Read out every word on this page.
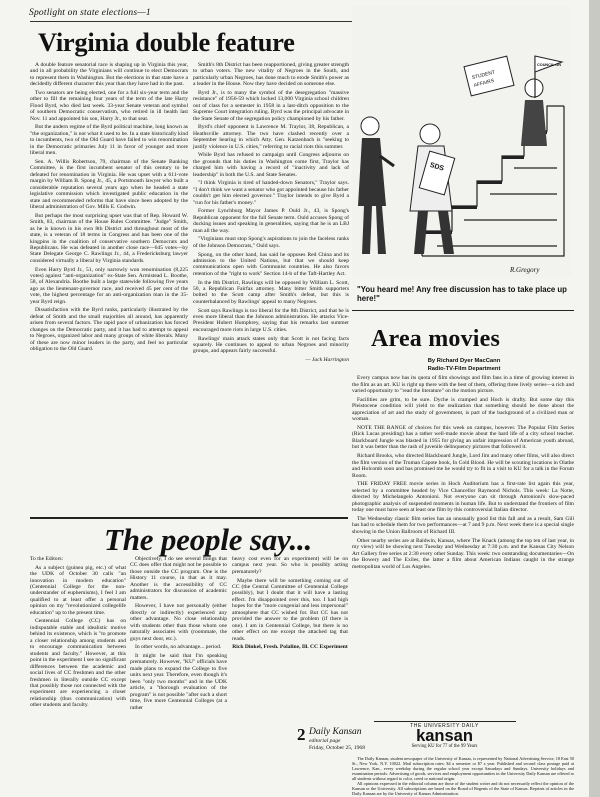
Spotlight on state elections—1
Virginia double feature

A double feature senatorial race is shaping up in Virginia this year, and in all probability the Virginians will continue to elect Democrats to represent them in Washington. But the elections in that state have a decidedly different character this year than they have had in the past.

Two senators are being elected, one for a full six-year term and the other to fill the remaining four years of the term of the late Harry Flood Byrd, who died last week. 33-year Senate veteran and symbol of southern Democratic conservatism, who retired in ill health last Nov. 11 and appointed his son, Harry Jr., to that seat.

But the andern regime of the Byrd political machine, long known as "the organization," is not what it used to be. In a state historically kind to incumbents, two of the Old Guard have failed to win renomination in the Democratic primaries July 11 in favor of younger and more liberal men.

Sen. A. Willis Robertson, 79, chairman of the Senate Banking Committee, is the first incumbent senator of this century to be defeated for renomination in Virginia. He was upset with a 611-vote margin by William B. Spong Jr., 45, a Portsmouth lawyer who built a considerable reputation several years ago when he headed a state legislative commission which investigated public education in the state and recommended reforms that have since been adopted by the liberal administration of Gov. Mills E. Godwin.

But perhaps the most surprising upset was that of Rep. Howard W. Smith, 83, chairman of the House Rules Committee. "Judge" Smith, as he is known in his own 8th District and throughout most of the state, is a veteran of 18 terms in Congress and has been one of the kingpins in the coalition of conservative southern Democrats and Republicans. He was defeated in another close race—645 votes—by State Delegate George C. Rawlings Jr., 44, a Fredericksburg lawyer considered virtually a liberal by Virginia standards.

Even Harry Byrd Jr., 51, only narrowly won renomination (8,225 votes) against "anti-organization" ex-State Sen. Armistead L. Boothe, 58, of Alexandria. Boothe built a large statewide following five years ago as the lieutenant-governor race, and received 45 per cent of the vote, the highest percentage for an anti-organization man in the 35-year Byrd reign.

Dissatisfaction with the Byrd ranks, particularly illustrated by the defeat of Smith and the small majorities all around, has apparently arisen from several factors. The rapid pace of urbanization has forced changes on the Democratic party, and it has had to attempt to appeal to Negroes, organized labor and many groups of white liberals. Many of these are now minor leaders in the party, and feel no particular obligation to the Old Guard.

Smith's 8th District has been reapportioned, giving greater strength to urban voters. The new vitality of Negroes in the South, and particularly urban Negroes, has done much to erode Smith's power as a leader in the House. Now they have decided on someone else.

Byrd Jr., is to many the symbol of the desegregation "massive resistance" of 1956-59 which locked 13,000 Virginia school children out of class for a semester in 1958 in a last-ditch opposition to the Supreme Court integration ruling. Byrd was the principal advocate in the State Senate of the segregation policy championed by his father.

Byrd's chief opponent is Lawrence M. Traylor, 38, Republican, a Heathsville attorney. The two have clashed recently over a September hearing in which Atty. Gen. Katzenbach is "seeking to justify violence in U.S. cities," referring to racial riots this summer.

While Byrd has refused to campaign until Congress adjourns on the grounds that his duties in Washington come first, Traylor has charged him with having a record of "inactivity and lack of leadership" in both the U.S. and State Senates.

"I think Virginia is tired of handed-down Senators," Traylor says. "I don't think we want a senator who got appointed because his father couldn't get him elected governor." Traylor intends to give Byrd a "run for his father's money."

Former Lynchburg Mayor James P. Ould Jr., 43, is Spong's Republican opponent for the full Senate term. Ould accuses Spong of ducking issues and speaking in generalities, saying that he is an LBJ man all the way.

"Virginians must stop Spong's aspirations to join the faceless ranks of the Johnson Democrats," Ould says.

Spong, on the other hand, has said he opposes Red China and its admission to the United Nations, but that we should keep communications open with Communist countries. He also favors retention of the "right to work" Section 14-b of the Taft-Hartley Act.

In the 8th District, Rawlings will be opposed by William L. Scott, 50, a Republican Fairfax attorney. Many bitter Smith supporters bolted to the Scott camp after Smith's defeat, but this is counterbalanced by Rawlings' appeal to many Negroes.

Scott says Rawlings is too liberal for the 8th District, and that he is even more liberal than the Johnson administration. He attacks Vice-President Hubert Humphrey, saying that his remarks last summer encouraged more riots in large U.S. cities.

Rawlings' main attack states only that Scott is not facing facts squarely. He continues to appeal to urban Negroes and minority groups, and appears fairly successful.

— Jack Harrington

COUNCIL ON
STUDENT
AFFAIRS
SDS
R.Gregory
"You heard me! Any free discussion has to take place up here!"
Area movies
By Richard Dyer MacCann
Radio-TV-Film Department

Every campus now has its quota of film showings and film fans in a time of growing interest in the film as an art. KU is right up there with the best of them, offering three lively series—a rich and varied opportunity to "read the literature" on the motion picture.

Facilities are grim, to be sure. Dyche is cramped and Hoch is drafty. But some day this Pleistocene condition will yield to the realization that something should be done about the appreciation of art and the study of government, is part of the background of a civilized man or woman.

NOTE THE RANGE of choices for this week on campus, however. The Popular Film Series (Rick Lucas presiding) has a rather well-made movie about the hard life of a city school teacher. Blackboard Jungle was blasted in 1955 for giving an unfair impression of American youth abroad, but it was better than the rash of juvenile delinquency pictures that followed it.

Richard Brooks, who directed Blackboard Jungle, Lord Jim and many other films, will also direct the film version of the Truman Capote book, In Cold Blood. He will be scouting locations in Olathe and Holcomb soon and has promised me he would try to fit in a visit to KU for a talk in the Forum Room.

THE FRIDAY FREE movie series in Hoch Auditorium has a first-rate list again this year, selected by a committee headed by Vice Chancellor Raymond Nichols. This week: La Notte, directed by Michelangelo Antonioni. Not everyone can sit through Antonioni's slow-paced photographic analysis of suspended moments in human life. But to understand the frontiers of film today one must have seen at least one film by this controversial Italian director.

The Wednesday classic film series has an unusually good list this fall and as a result, Sam Gill has had to schedule them for two performances—at 7 and 9 p.m. Next week there is a special single showing in the Union Ballroom of Richard III.

Other nearby series are at Baldwin, Kansas, where The Knack (among the top ten of last year, in my view) will be showing next Tuesday and Wednesday at 7:30 p.m. and the Kansas City Nelson Art Gallery free series at 2:30 every other Sunday. This week: two outstanding documentaries—On the Bowery and The Exiles, the latter a film about American Indians caught in the strange metropolitan world of Los Angeles.

The people say...

To the Editors:

As a subject (guinea pig, etc.) of what the UDK of October 30 calls "an innovation in modern education" (Centennial College for the non-understander of euphemisms), I feel I am qualified to at least offer a personal opinion on my "revolutionized collegelife education" up to the present time.

Centennial College (CC) has on indisputable stable and idealistic motive behind its existence, which is "to promote a closer relationship among students and to encourage communication between students and faculty." However, at this point in the experiment I see no significant differences between the academic and social lives of CC freshmen and the other freshmen in literally outside CC except that possibly those not connected with the experiment are experiencing a closer relationship (thus communication) with other students and faculty.

Objectively, I do see several things that CC does offer that might not be possible to those outside the CC program. One is the History 11 course, in that as it may. Another is the accessibility of CC administrators for discussion of academic matters.

However, I have not personally (either directly or indirectly) experienced any other advantage. No close relationship with students other than those whom one naturally associates with (roommate, the guys next door, etc.).

In other words, no advantage... period.

It might be said that I'm speaking prematurely. However, "KU" officials have made plans to expand the College to five units next year. Therefore, even though it's been "only two months" and in the UDK article, a "thorough evaluation of the program" is not possible "after such a short time, five more Centennial Colleges (at a rather

heavy cost even for an experiment) will be on campus next year. So who is possibly acting prematurely?

Maybe there will be something coming out of CC (the Central Committee of Centennial College possibly), but I doubt that it will have a lasting effect. I'm disappointed over this, too. I had high hopes for the "more congenial and less impersonal" atmosphere that CC wished for. But CC has not provided the answer to the problem (if there is one). I am in Centennial College, but there is no other effect on me except the attached tag that reads.

Rick Dinkel, Fresh. Polaline, Ill. CC Experiment

2 Daily Kansan
editorial page
Friday, October 25, 1968
THE UNIVERSITY DAILY
kansan
Serving KU for 77 of the 99 Years

The Daily Kansan, student newspaper of the University of Kansas, is represented by National Advertising Service, 18 East 50 St., New York, N.Y. 10022. Mail subscription rates: $4 a semester or $7 a year. Published and second class postage paid at Lawrence, Kan., every weekday during the regular school year except Saturdays and Sundays. University holidays and examination periods. Advertising of goods, services and employment opportunities in the University Daily Kansan are offered to all students without regard to color, creed or national origin.

All opinions expressed in the editorial column are those of the student writer and do not necessarily reflect the opinion of the Kansan or the University. All subscriptions are based on the Board of Regents of the State of Kansas. Reprints of articles in the Daily Kansan are by the University of Kansas Administration.
